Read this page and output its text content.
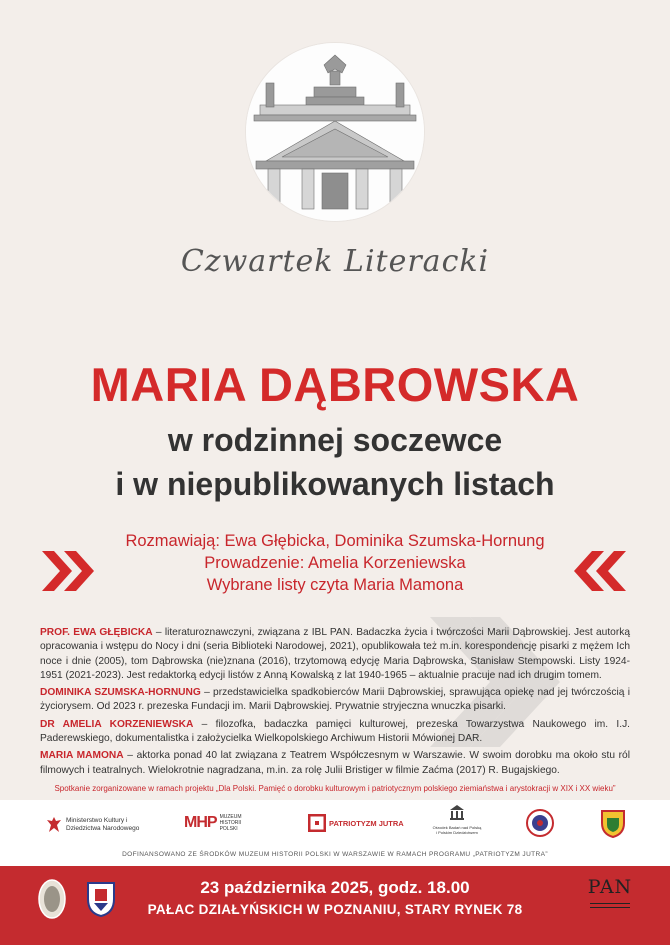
Czwartek Literacki
MARIA DĄBROWSKA
w rodzinnej soczewce
i w niepublikowanych listach
Rozmawiają: Ewa Głębicka, Dominika Szumska-Hornung
Prowadzenie: Amelia Korzeniewska
Wybrane listy czyta Maria Mamona

PROF. EWA GŁĘBICKA – literaturoznawczyni, związana z IBL PAN. Badaczka życia i twórczości Marii Dąbrowskiej. Jest autorką opracowania i wstępu do Nocy i dni (seria Biblioteki Narodowej, 2021), opublikowała też m.in. korespondencję pisarki z mężem Ich noce i dnie (2005), tom Dąbrowska (nie)znana (2016), trzytomową edycję Maria Dąbrowska, Stanisław Stempowski. Listy 1924-1951 (2021-2023). Jest redaktorką edycji listów z Anną Kowalską z lat 1940-1965 – aktualnie pracuje nad ich drugim tomem.

DOMINIKA SZUMSKA-HORNUNG – przedstawicielka spadkobierców Marii Dąbrowskiej, sprawująca opiekę nad jej twórczością i życiorysem. Od 2023 r. prezeska Fundacji im. Marii Dąbrowskiej. Prywatnie stryjeczna wnuczka pisarki.

DR AMELIA KORZENIEWSKA – filozofka, badaczka pamięci kulturowej, prezeska Towarzystwa Naukowego im. I.J. Paderewskiego, dokumentalistka i założycielka Wielkopolskiego Archiwum Historii Mówionej DAR.

MARIA MAMONA – aktorka ponad 40 lat związana z Teatrem Współczesnym w Warszawie. W swoim dorobku ma około stu ról filmowych i teatralnych. Wielokrotnie nagradzana, m.in. za rolę Julii Bristiger w filmie Zaćma (2017) R. Bugajskiego.

Spotkanie zorganizowane w ramach projektu „Dla Polski. Pamięć o dorobku kulturowym i patriotycznym polskiego ziemiaństwa i arystokracji w XIX i XX wieku”
Ministerstwo Kultury i Dziedzictwa Narodowego	MHP MUZEUM HISTORII POLSKI
PATRIOTYZM JUTRA	Ośrodek Badań nad Polską i Polskim Dziedzictwem
DOFINANSOWANO ZE ŚRODKÓW MUZEUM HISTORII POLSKI W WARSZAWIE W RAMACH PROGRAMU „PATRIOTYZM JUTRA”
23 października 2025, godz. 18.00
PAŁAC DZIAŁYŃSKICH W POZNANIU, STARY RYNEK 78
PAN
